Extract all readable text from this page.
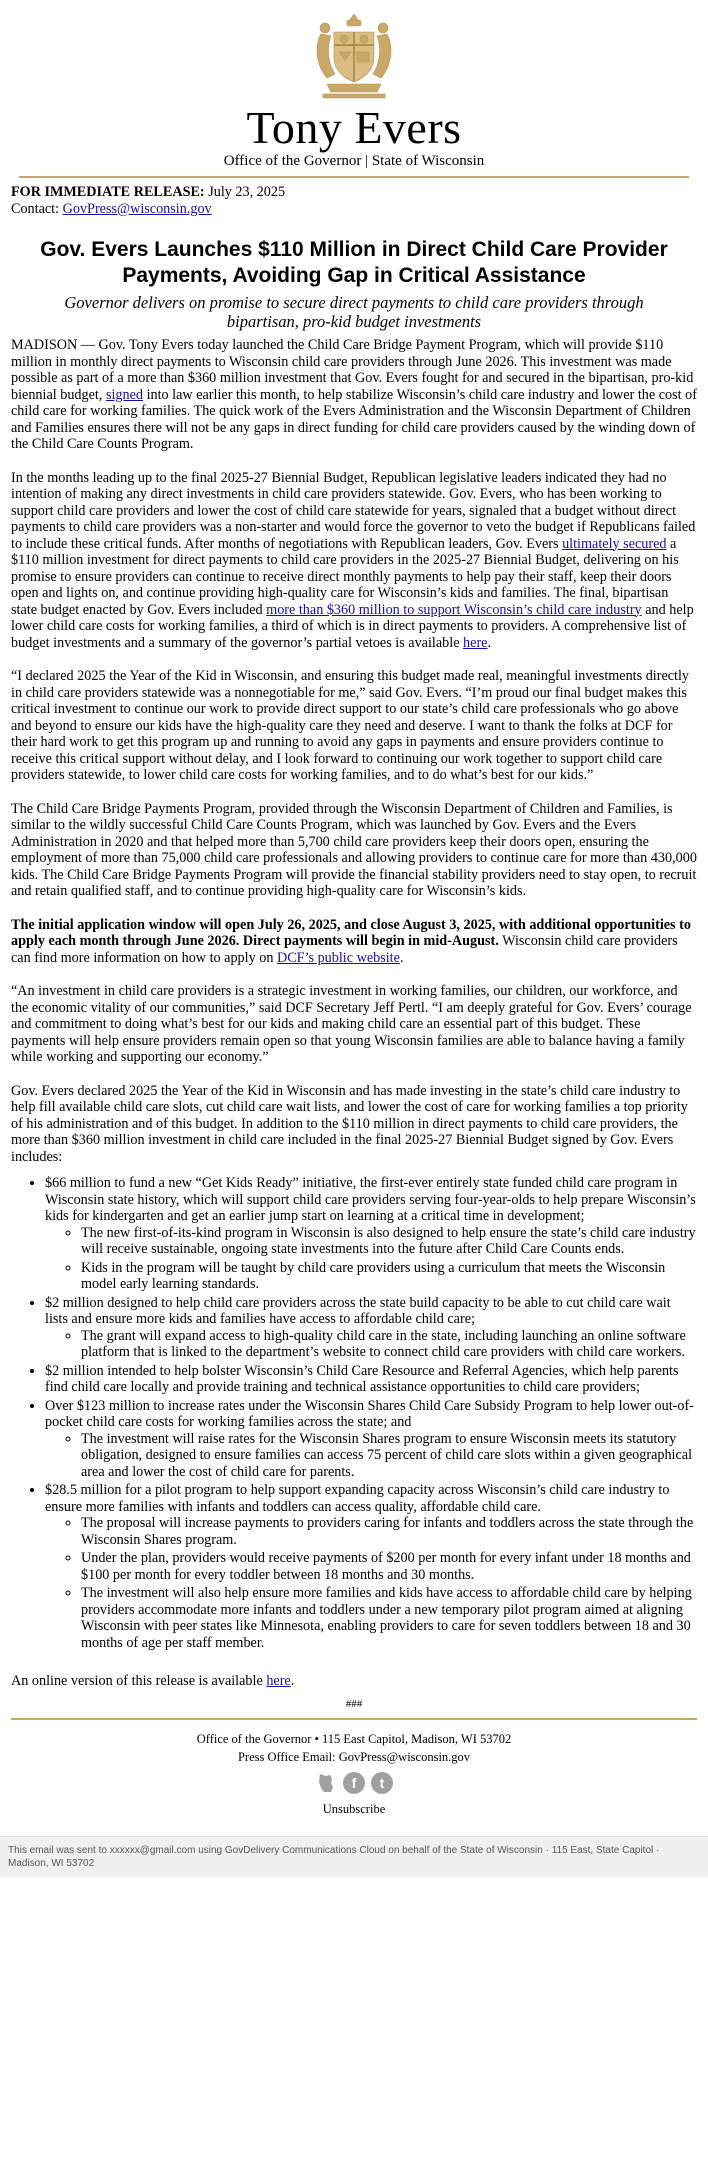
Tony Evers
Office of the Governor | State of Wisconsin
FOR IMMEDIATE RELEASE: July 23, 2025
Contact: GovPress@wisconsin.gov
Gov. Evers Launches $110 Million in Direct Child Care Provider Payments, Avoiding Gap in Critical Assistance
Governor delivers on promise to secure direct payments to child care providers through bipartisan, pro-kid budget investments

MADISON — Gov. Tony Evers today launched the Child Care Bridge Payment Program, which will provide $110 million in monthly direct payments to Wisconsin child care providers through June 2026. This investment was made possible as part of a more than $360 million investment that Gov. Evers fought for and secured in the bipartisan, pro-kid biennial budget, signed into law earlier this month, to help stabilize Wisconsin’s child care industry and lower the cost of child care for working families. The quick work of the Evers Administration and the Wisconsin Department of Children and Families ensures there will not be any gaps in direct funding for child care providers caused by the winding down of the Child Care Counts Program.

In the months leading up to the final 2025-27 Biennial Budget, Republican legislative leaders indicated they had no intention of making any direct investments in child care providers statewide. Gov. Evers, who has been working to support child care providers and lower the cost of child care statewide for years, signaled that a budget without direct payments to child care providers was a non-starter and would force the governor to veto the budget if Republicans failed to include these critical funds. After months of negotiations with Republican leaders, Gov. Evers ultimately secured a $110 million investment for direct payments to child care providers in the 2025-27 Biennial Budget, delivering on his promise to ensure providers can continue to receive direct monthly payments to help pay their staff, keep their doors open and lights on, and continue providing high-quality care for Wisconsin’s kids and families. The final, bipartisan state budget enacted by Gov. Evers included more than $360 million to support Wisconsin’s child care industry and help lower child care costs for working families, a third of which is in direct payments to providers. A comprehensive list of budget investments and a summary of the governor’s partial vetoes is available here.

“I declared 2025 the Year of the Kid in Wisconsin, and ensuring this budget made real, meaningful investments directly in child care providers statewide was a nonnegotiable for me,” said Gov. Evers. “I’m proud our final budget makes this critical investment to continue our work to provide direct support to our state’s child care professionals who go above and beyond to ensure our kids have the high-quality care they need and deserve. I want to thank the folks at DCF for their hard work to get this program up and running to avoid any gaps in payments and ensure providers continue to receive this critical support without delay, and I look forward to continuing our work together to support child care providers statewide, to lower child care costs for working families, and to do what’s best for our kids.”

The Child Care Bridge Payments Program, provided through the Wisconsin Department of Children and Families, is similar to the wildly successful Child Care Counts Program, which was launched by Gov. Evers and the Evers Administration in 2020 and that helped more than 5,700 child care providers keep their doors open, ensuring the employment of more than 75,000 child care professionals and allowing providers to continue care for more than 430,000 kids. The Child Care Bridge Payments Program will provide the financial stability providers need to stay open, to recruit and retain qualified staff, and to continue providing high-quality care for Wisconsin’s kids.

The initial application window will open July 26, 2025, and close August 3, 2025, with additional opportunities to apply each month through June 2026. Direct payments will begin in mid-August. Wisconsin child care providers can find more information on how to apply on DCF’s public website.

“An investment in child care providers is a strategic investment in working families, our children, our workforce, and the economic vitality of our communities,” said DCF Secretary Jeff Pertl. “I am deeply grateful for Gov. Evers’ courage and commitment to doing what’s best for our kids and making child care an essential part of this budget. These payments will help ensure providers remain open so that young Wisconsin families are able to balance having a family while working and supporting our economy.”

Gov. Evers declared 2025 the Year of the Kid in Wisconsin and has made investing in the state’s child care industry to help fill available child care slots, cut child care wait lists, and lower the cost of care for working families a top priority of his administration and of this budget. In addition to the $110 million in direct payments to child care providers, the more than $360 million investment in child care included in the final 2025-27 Biennial Budget signed by Gov. Evers includes:

• $66 million to fund a new “Get Kids Ready” initiative, the first-ever entirely state funded child care program in Wisconsin state history, which will support child care providers serving four-year-olds to help prepare Wisconsin’s kids for kindergarten and get an earlier jump start on learning at a critical time in development;
◦ The new first-of-its-kind program in Wisconsin is also designed to help ensure the state’s child care industry will receive sustainable, ongoing state investments into the future after Child Care Counts ends.
◦ Kids in the program will be taught by child care providers using a curriculum that meets the Wisconsin model early learning standards.
• $2 million designed to help child care providers across the state build capacity to be able to cut child care wait lists and ensure more kids and families have access to affordable child care;
◦ The grant will expand access to high-quality child care in the state, including launching an online software platform that is linked to the department’s website to connect child care providers with child care workers.
• $2 million intended to help bolster Wisconsin’s Child Care Resource and Referral Agencies, which help parents find child care locally and provide training and technical assistance opportunities to child care providers;
• Over $123 million to increase rates under the Wisconsin Shares Child Care Subsidy Program to help lower out-of-pocket child care costs for working families across the state; and
◦ The investment will raise rates for the Wisconsin Shares program to ensure Wisconsin meets its statutory obligation, designed to ensure families can access 75 percent of child care slots within a given geographical area and lower the cost of child care for parents.
• $28.5 million for a pilot program to help support expanding capacity across Wisconsin’s child care industry to ensure more families with infants and toddlers can access quality, affordable child care.
◦ The proposal will increase payments to providers caring for infants and toddlers across the state through the Wisconsin Shares program.
◦ Under the plan, providers would receive payments of $200 per month for every infant under 18 months and $100 per month for every toddler between 18 months and 30 months.
◦ The investment will also help ensure more families and kids have access to affordable child care by helping providers accommodate more infants and toddlers under a new temporary pilot program aimed at aligning Wisconsin with peer states like Minnesota, enabling providers to care for seven toddlers between 18 and 30 months of age per staff member.

An online version of this release is available here.

###
Office of the Governor • 115 East Capitol, Madison, WI 53702
Press Office Email: GovPress@wisconsin.gov
f	t
Unsubscribe
This email was sent to xxxxxx@gmail.com using GovDelivery Communications Cloud on behalf of the State of Wisconsin · 115 East, State Capitol · Madison, WI 53702
